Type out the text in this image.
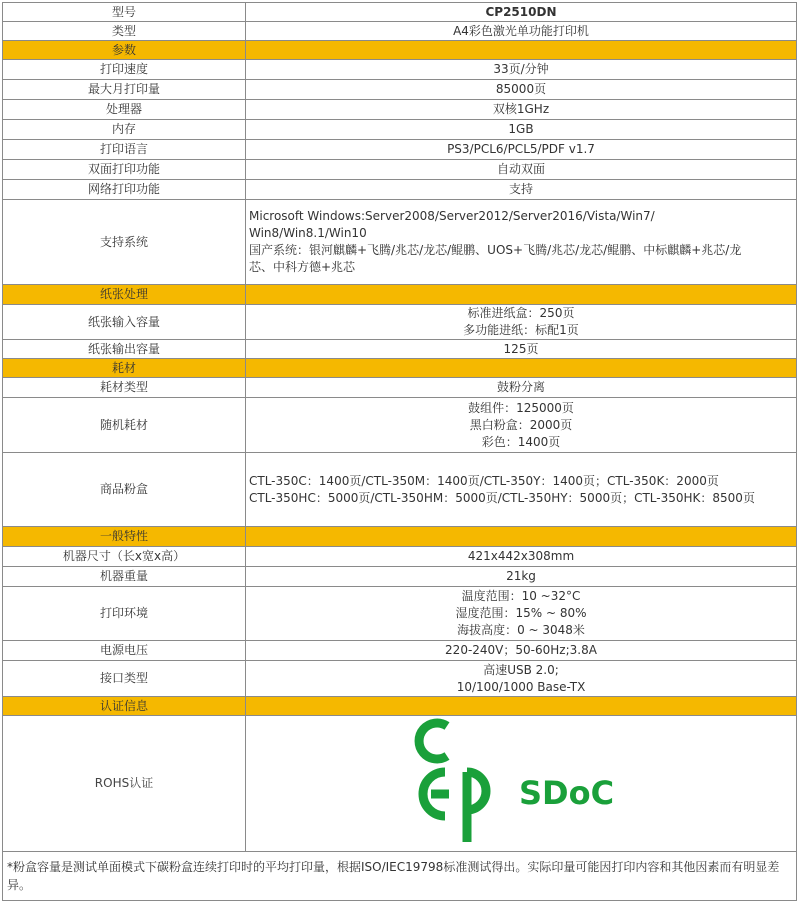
型号	CP2510DN
类型	A4彩色激光单功能打印机
参数	
打印速度	33页/分钟
最大月打印量	85000页
处理器	双核1GHz
内存	1GB
打印语言	PS3/PCL6/PCL5/PDF v1.7
双面打印功能	自动双面
网络打印功能	支持
支持系统	Microsoft Windows:Server2008/Server2012/Server2016/Vista/Win7/
Win8/Win8.1/Win10
国产系统：银河麒麟+飞腾/兆芯/龙芯/鲲鹏、UOS+飞腾/兆芯/龙芯/鲲鹏、中标麒麟+兆芯/龙
芯、中科方德+兆芯

纸张处理	
纸张输入容量	标准进纸盒：250页
多功能进纸：标配1页

纸张输出容量	125页
耗材	
耗材类型	鼓粉分离
随机耗材	鼓组件：125000页
黑白粉盒：2000页
彩色：1400页

商品粉盒	CTL-350C：1400页/CTL-350M：1400页/CTL-350Y：1400页；CTL-350K：2000页
CTL-350HC：5000页/CTL-350HM：5000页/CTL-350HY：5000页；CTL-350HK：8500页

一般特性	
机器尺寸（长x宽x高）	421x442x308mm
机器重量	21kg
打印环境	温度范围：10 ~32°C
湿度范围：15% ~ 80%
海拔高度：0 ~ 3048米

电源电压	220-240V；50-60Hz;3.8A
接口类型	高速USB 2.0;
10/100/1000 Base-TX

认证信息	
ROHS认证	SDoC

*粉盒容量是测试单面模式下碳粉盒连续打印时的平均打印量，根据ISO/IEC19798标准测试得出。实际印量可能因打印内容和其他因素而有明显差异。	
